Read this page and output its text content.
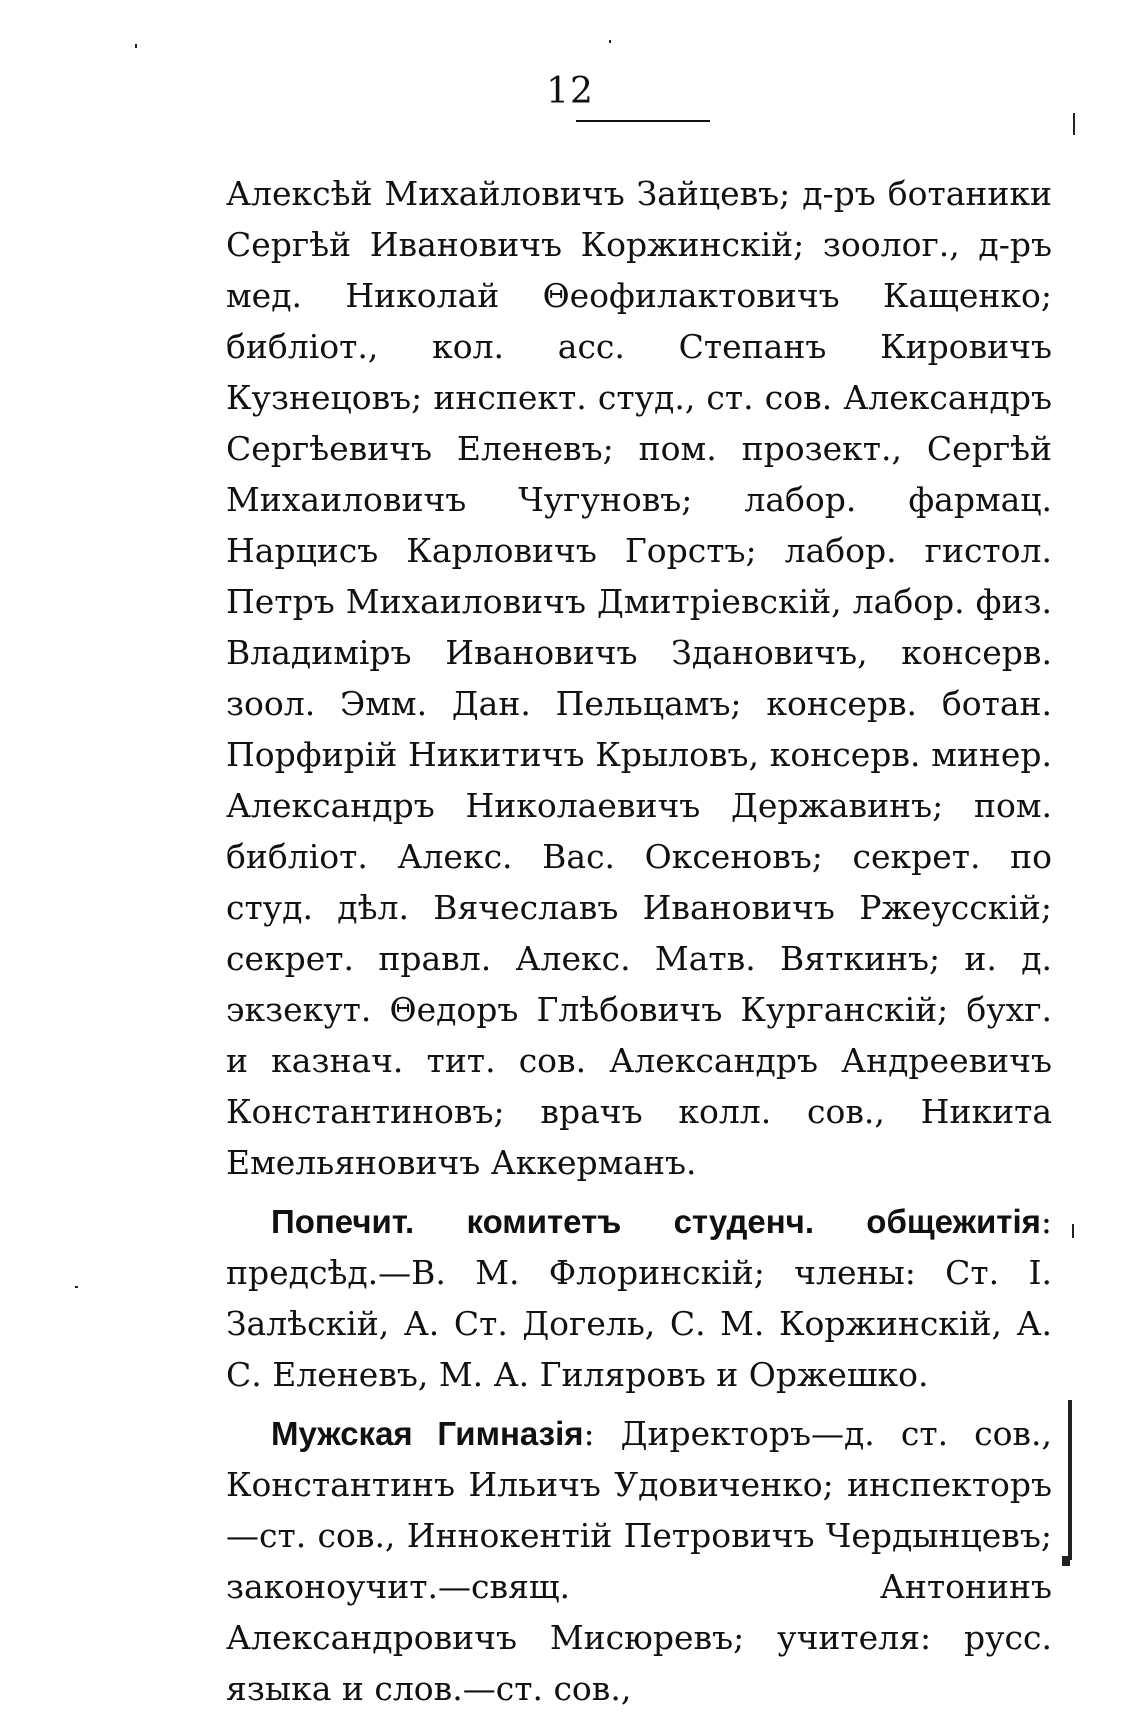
12

Алексѣй Михайловичъ Зайцевъ; д-ръ ботаники Сергѣй Ивановичъ Коржинскій; зоолог., д-ръ мед. Николай Θеофилактовичъ Кащенко; библіот., кол. асс. Степанъ Кировичъ Кузнецовъ; инспект. студ., ст. сов. Александръ Сергѣевичъ Еленевъ; пом. прозект., Сергѣй Михаиловичъ Чугуновъ; лабор. фармац. Нарцисъ Карловичъ Горстъ; лабор. гистол. Петръ Михаиловичъ Дмитріевскій, лабор. физ. Владиміръ Ивановичъ Здановичъ, консерв. зоол. Эмм. Дан. Пельцамъ; консерв. ботан. Порфирій Никитичъ Крыловъ, консерв. минер. Александръ Николаевичъ Державинъ; пом. библіот. Алекс. Вас. Оксеновъ; секрет. по студ. дѣл. Вячеславъ Ивановичъ Ржеусскій; секрет. правл. Алекс. Матв. Вяткинъ; и. д. экзекут. Θедоръ Глѣбовичъ Курганскій; бухг. и казнач. тит. сов. Александръ Андреевичъ Константиновъ; врачъ колл. сов., Никита Емельяновичъ Аккерманъ.

Попечит. комитетъ студенч. общежитія: предсѣд.—В. М. Флоринскій; члены: Ст. І. Залѣскій, А. Ст. Догель, С. М. Коржинскій, А. С. Еленевъ, М. А. Гиляровъ и Оржешко.

Мужская Гимназія: Директоръ—д. ст. сов., Константинъ Ильичъ Удовиченко; инспекторъ—ст. сов., Иннокентій Петровичъ Чердынцевъ; законоучит.—свящ. Антонинъ Александровичъ Мисюревъ; учителя: русс. языка и слов.—ст. сов.,
